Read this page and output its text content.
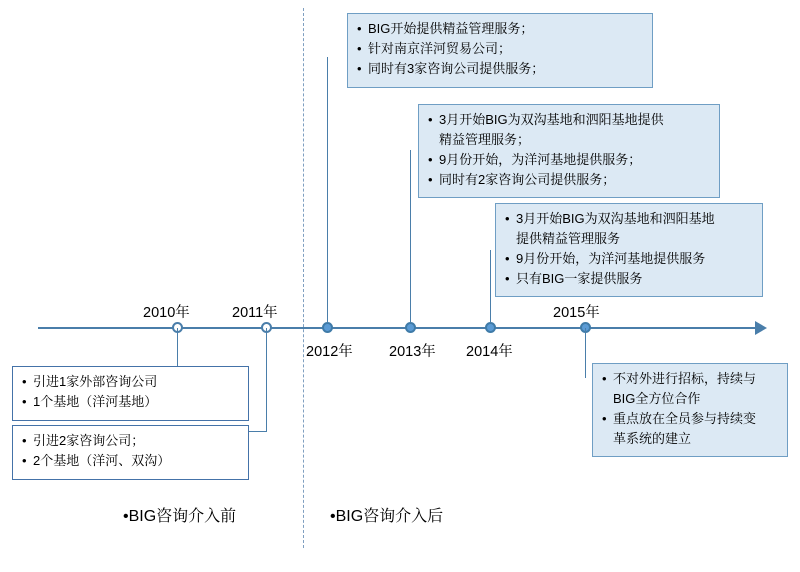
2010年	2011年
2012年 2013年 2014年
2015年
• BIG开始提供精益管理服务；
• 针对南京洋河贸易公司；
• 同时有3家咨询公司提供服务；
• 3月开始BIG为双沟基地和泗阳基地提供
精益管理服务；
• 9月份开始，为洋河基地提供服务；
• 同时有2家咨询公司提供服务；
• 3月开始BIG为双沟基地和泗阳基地
提供精益管理服务
• 9月份开始，为洋河基地提供服务
• 只有BIG一家提供服务
• 不对外进行招标，持续与
BIG全方位合作
• 重点放在全员参与持续变
革系统的建立
• 引进1家外部咨询公司
• 1个基地（洋河基地）
• 引进2家咨询公司；
• 2个基地（洋河、双沟）
•BIG咨询介入前	•BIG咨询介入后
